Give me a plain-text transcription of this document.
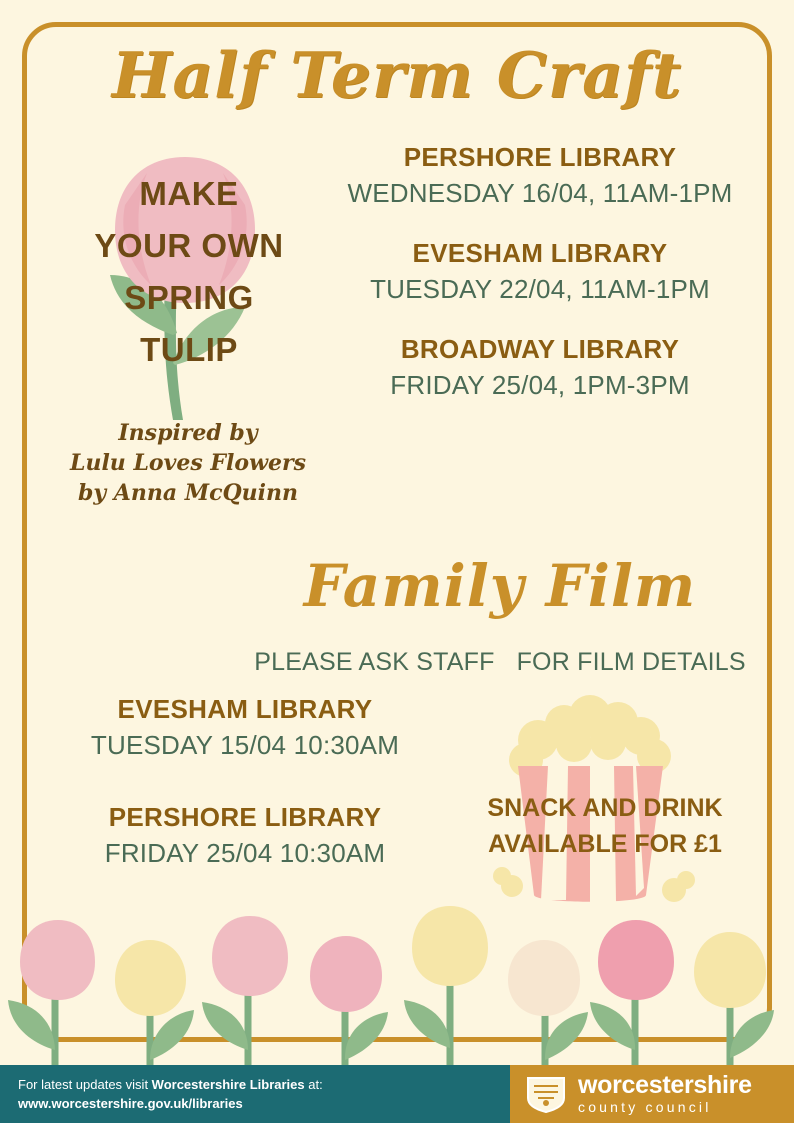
Half Term Craft
MAKE
YOUR OWN
SPRING
TULIP
Inspired by
Lulu Loves Flowers
by Anna McQuinn
PERSHORE LIBRARY
WEDNESDAY 16/04, 11AM-1PM
EVESHAM LIBRARY
TUESDAY 22/04, 11AM-1PM
BROADWAY LIBRARY
FRIDAY 25/04, 1PM-3PM
Family Film
PLEASE ASK STAFF FOR FILM DETAILS
EVESHAM LIBRARY
TUESDAY 15/04 10:30AM
PERSHORE LIBRARY
FRIDAY 25/04 10:30AM
SNACK AND DRINK
AVAILABLE FOR £1
For latest updates visit Worcestershire Libraries at:
www.worcestershire.gov.uk/libraries
worcestershire
county council
